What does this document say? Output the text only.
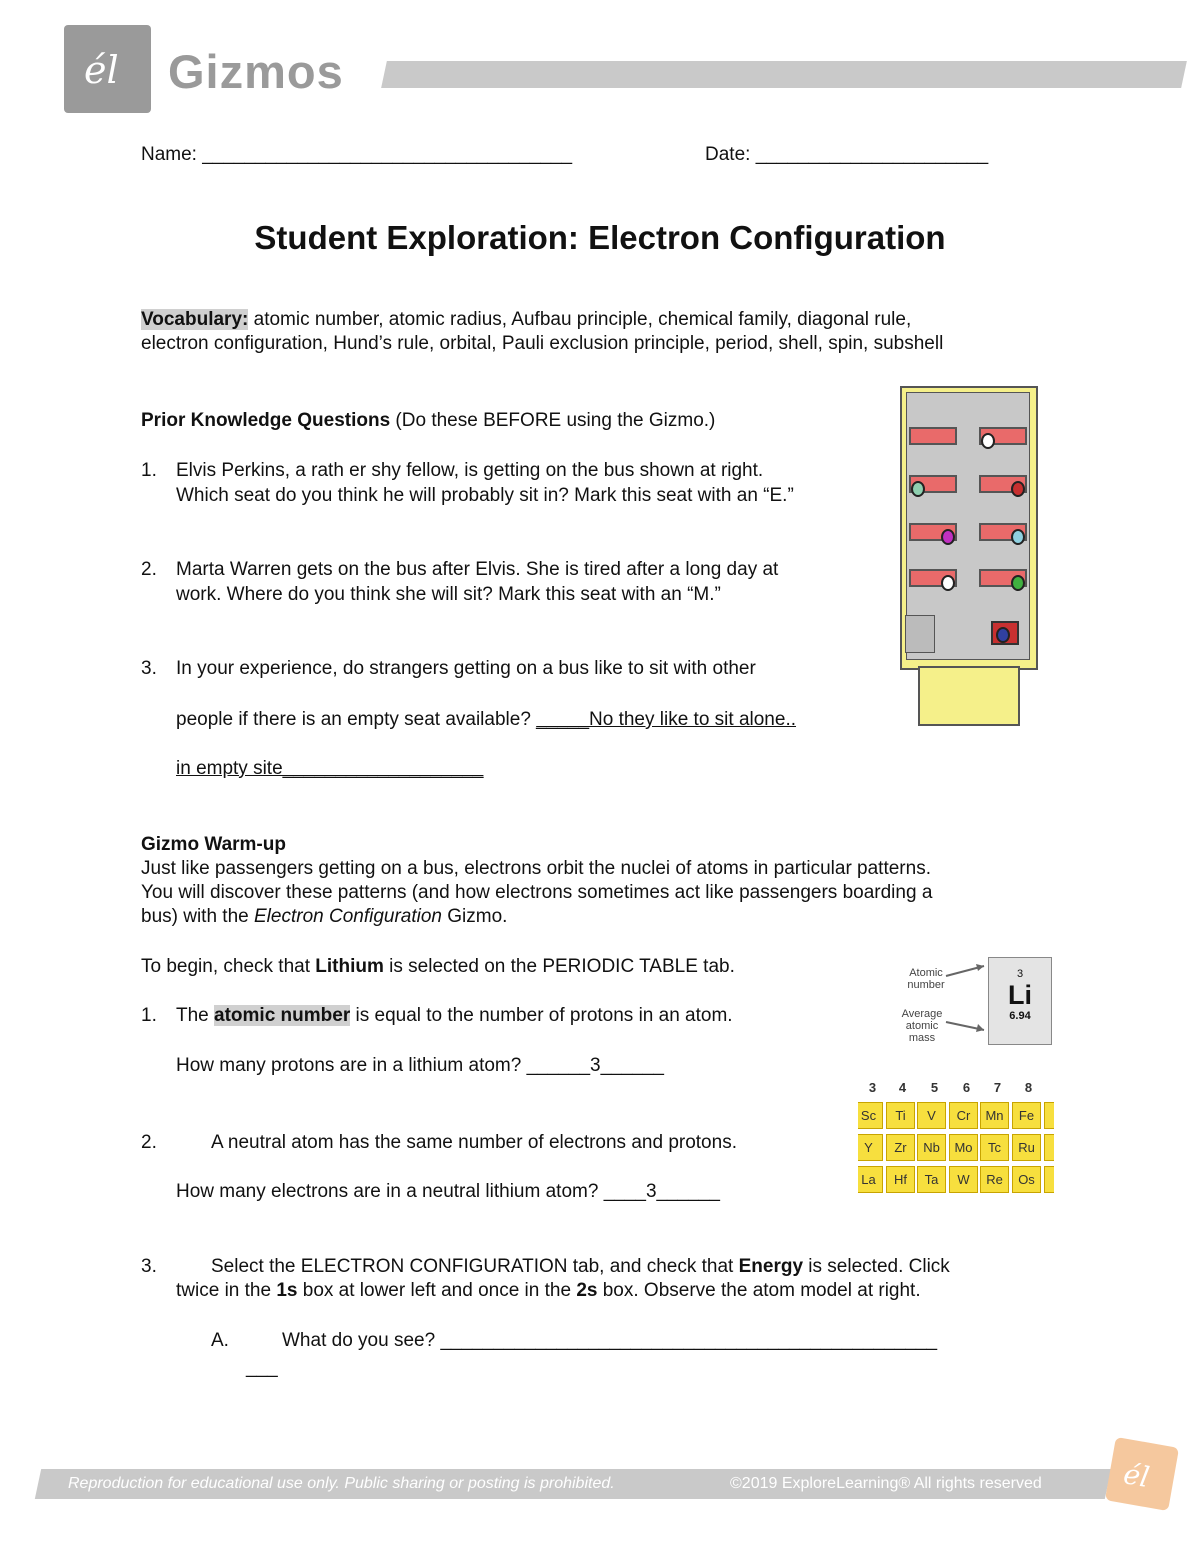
él Gizmos
Name: ___________________________________	Date: ______________________
Student Exploration: Electron Configuration
Vocabulary: atomic number, atomic radius, Aufbau principle, chemical family, diagonal rule,
electron configuration, Hund’s rule, orbital, Pauli exclusion principle, period, shell, spin, subshell
Prior Knowledge Questions (Do these BEFORE using the Gizmo.)
1. Elvis Perkins, a rath er shy fellow, is getting on the bus shown at right.
Which seat do you think he will probably sit in? Mark this seat with an “E.”
2. Marta Warren gets on the bus after Elvis. She is tired after a long day at
work. Where do you think she will sit? Mark this seat with an “M.”
3. In your experience, do strangers getting on a bus like to sit with other
people if there is an empty seat available? _____No they like to sit alone..
in empty site___________________
Gizmo Warm-up
Just like passengers getting on a bus, electrons orbit the nuclei of atoms in particular patterns.
You will discover these patterns (and how electrons sometimes act like passengers boarding a
bus) with the Electron Configuration Gizmo.
To begin, check that Lithium is selected on the PERIODIC TABLE tab.
1. The atomic number is equal to the number of protons in an atom.
How many protons are in a lithium atom? ______3______
2.	A neutral atom has the same number of electrons and protons.
How many electrons are in a neutral lithium atom? ____3______
3.	Select the ELECTRON CONFIGURATION tab, and check that Energy is selected. Click
twice in the 1s box at lower left and once in the 2s box. Observe the atom model at right.
A.	What do you see? _______________________________________________
___
Atomic number
Average atomic mass
3
Li
6.94
3	4	5	6	7	8
Sc	Ti	V	Cr	Mn	Fe
Y	Zr	Nb	Mo	Tc	Ru
La	Hf	Ta	W	Re	Os
Reproduction for educational use only. Public sharing or posting is prohibited.	©2019 ExploreLearning® All rights reserved	él
